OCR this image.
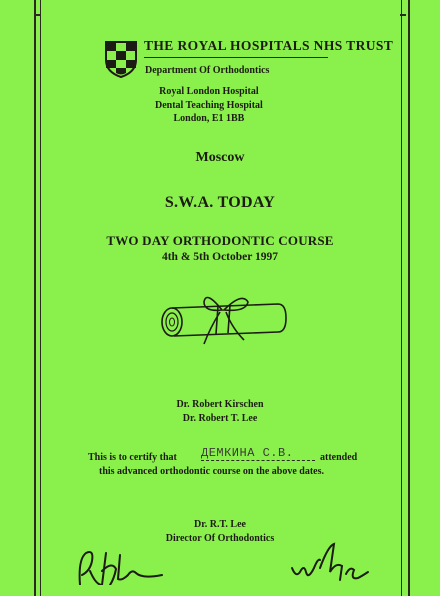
THE ROYAL HOSPITALS NHS TRUST
Department Of Orthodontics
Royal London Hospital
Dental Teaching Hospital
London, E1 1BB
Moscow
S.W.A. TODAY
TWO DAY ORTHODONTIC COURSE
4th & 5th October 1997
Dr. Robert Kirschen
Dr. Robert T. Lee
This is to certify that ДЕМКИНА С.В.	attended
this advanced orthodontic course on the above dates.
Dr. R.T. Lee
Director Of Orthodontics
